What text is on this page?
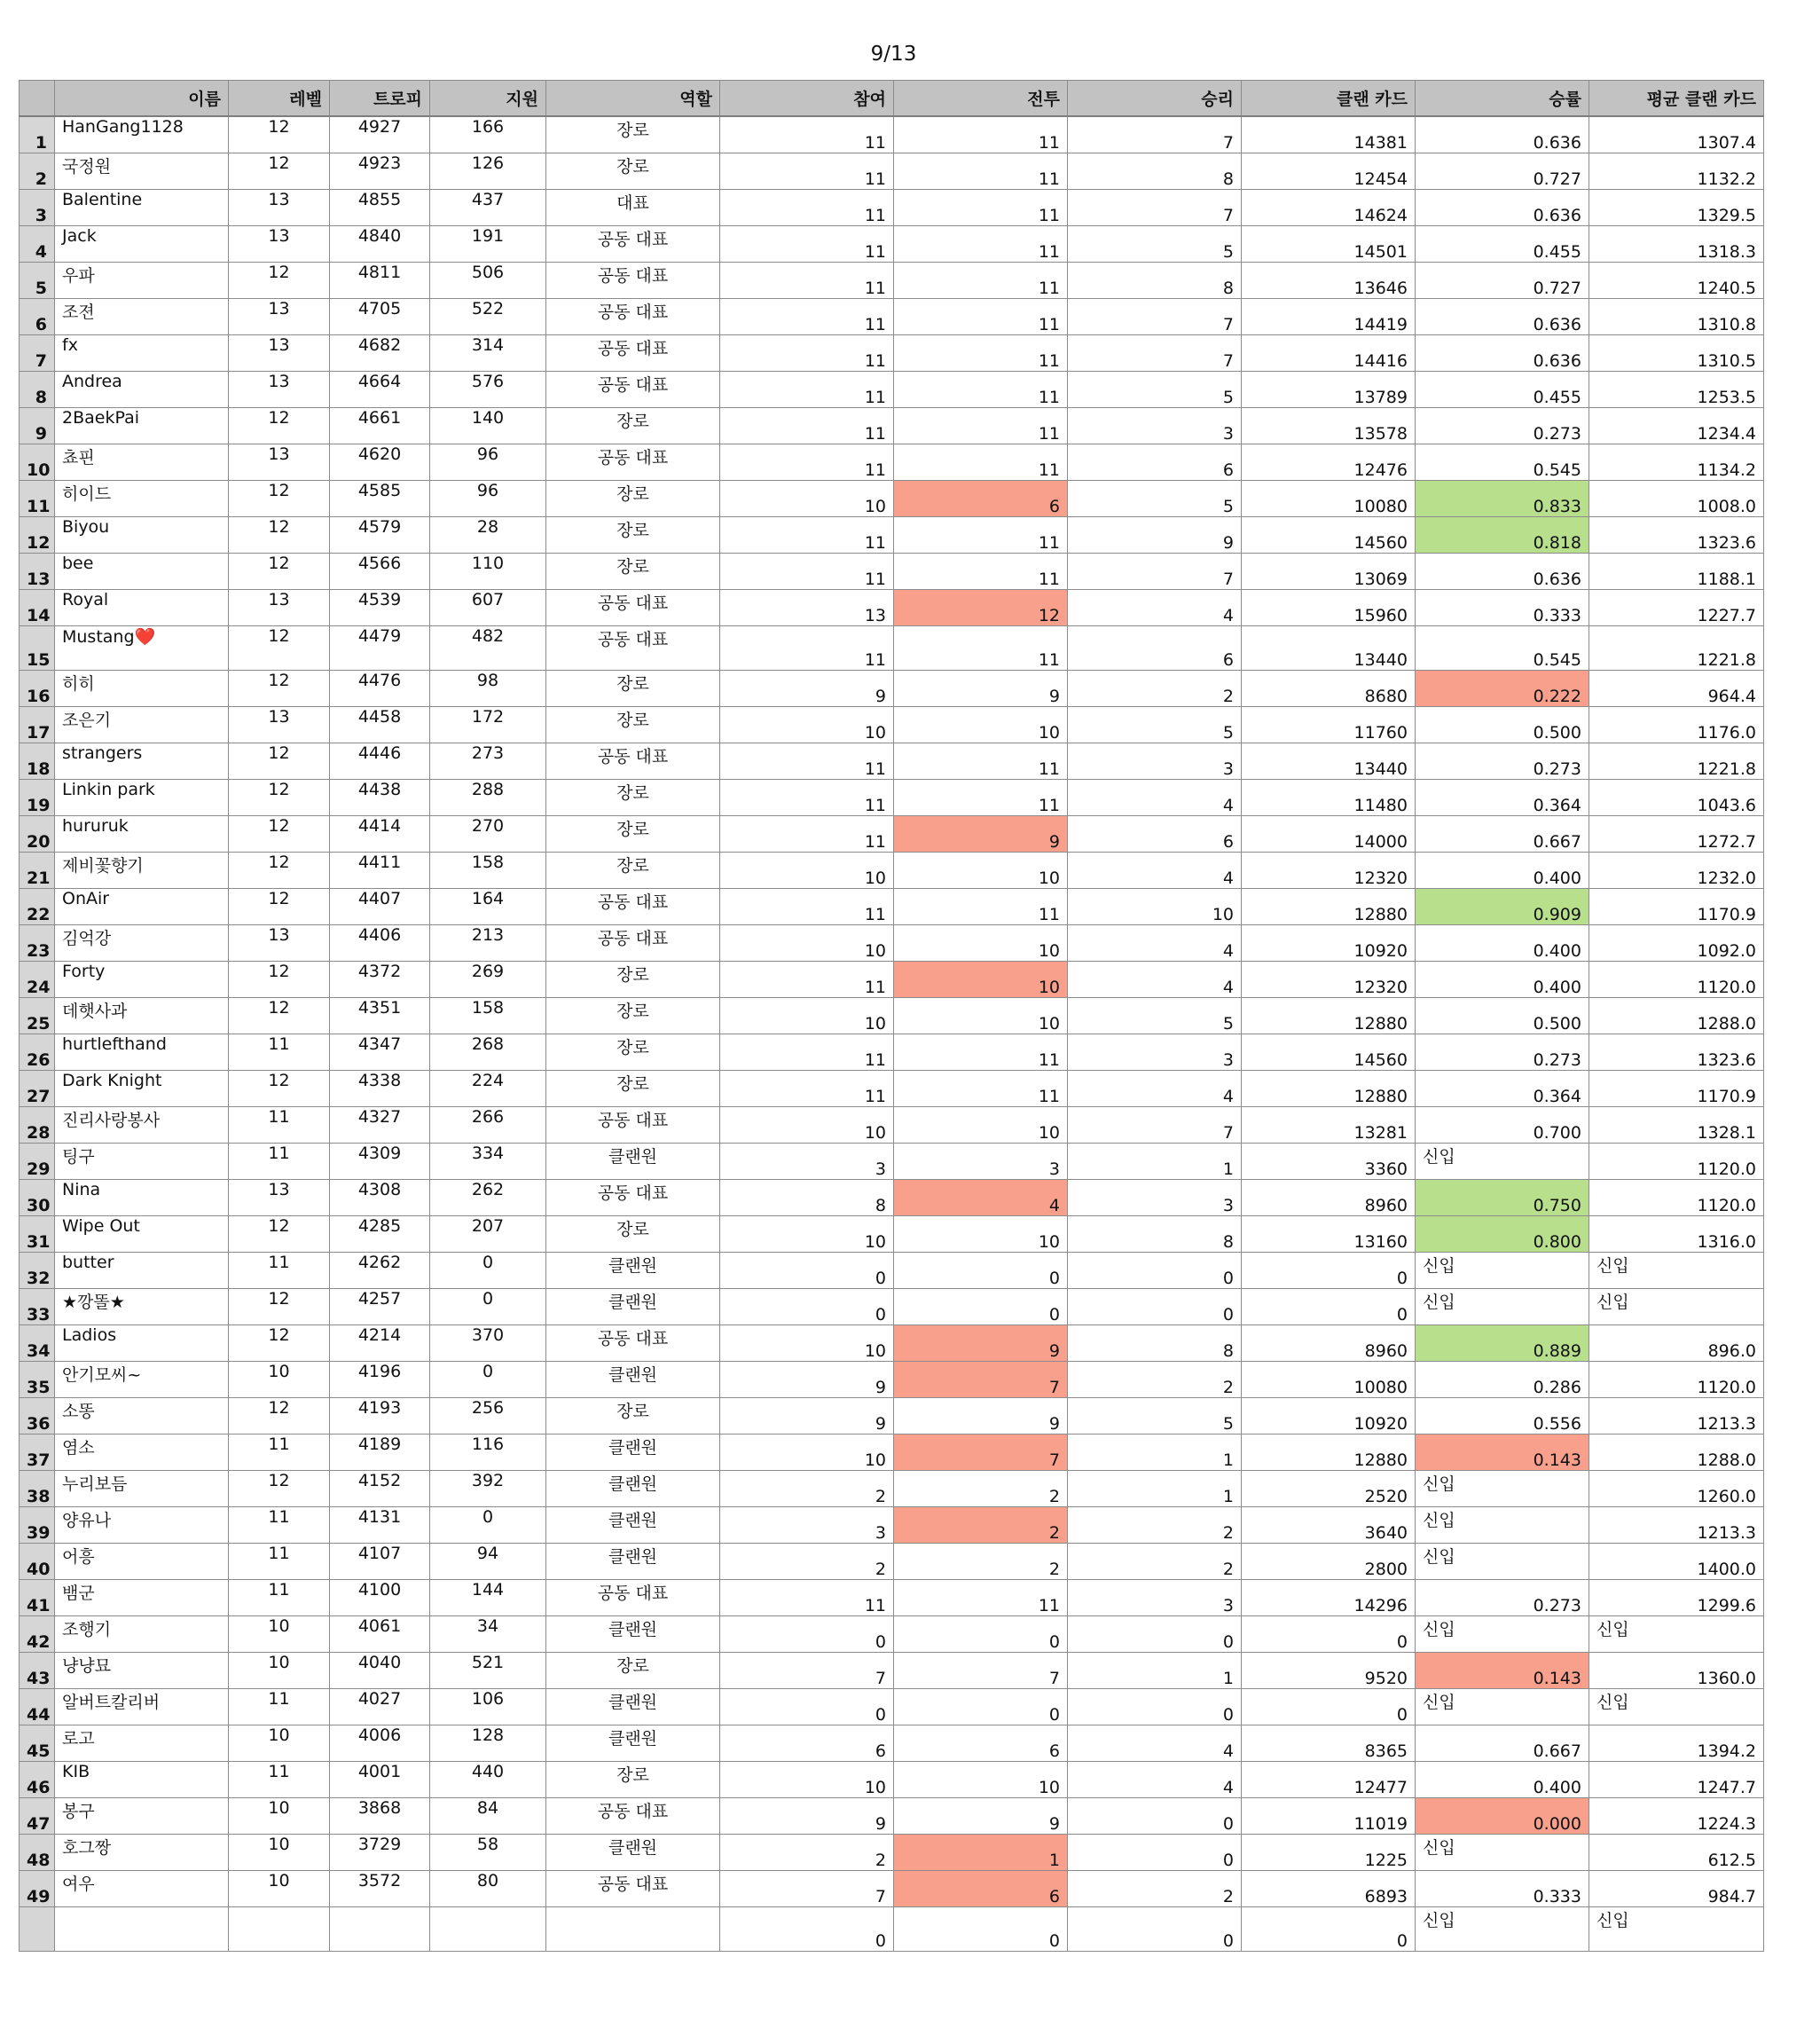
9/13
	이름	레벨	트로피	지원	역할	참여	전투	승리	클랜 카드	승률	평균 클랜 카드
1	HanGang1128	12	4927	166	장로	11	11	7	14381	0.636	1307.4
2	국정원	12	4923	126	장로	11	11	8	12454	0.727	1132.2
3	Balentine	13	4855	437	대표	11	11	7	14624	0.636	1329.5
4	Jack	13	4840	191	공동 대표	11	11	5	14501	0.455	1318.3
5	우파	12	4811	506	공동 대표	11	11	8	13646	0.727	1240.5
6	조젼	13	4705	522	공동 대표	11	11	7	14419	0.636	1310.8
7	fx	13	4682	314	공동 대표	11	11	7	14416	0.636	1310.5
8	Andrea	13	4664	576	공동 대표	11	11	5	13789	0.455	1253.5
9	2BaekPai	12	4661	140	장로	11	11	3	13578	0.273	1234.4
10	쵸핀	13	4620	96	공동 대표	11	11	6	12476	0.545	1134.2
11	히이드	12	4585	96	장로	10	6	5	10080	0.833	1008.0
12	Biyou	12	4579	28	장로	11	11	9	14560	0.818	1323.6
13	bee	12	4566	110	장로	11	11	7	13069	0.636	1188.1
14	Royal	13	4539	607	공동 대표	13	12	4	15960	0.333	1227.7
15	Mustang❤️	12	4479	482	공동 대표	11	11	6	13440	0.545	1221.8
16	히히	12	4476	98	장로	9	9	2	8680	0.222	964.4
17	조은기	13	4458	172	장로	10	10	5	11760	0.500	1176.0
18	strangers	12	4446	273	공동 대표	11	11	3	13440	0.273	1221.8
19	Linkin park	12	4438	288	장로	11	11	4	11480	0.364	1043.6
20	hururuk	12	4414	270	장로	11	9	6	14000	0.667	1272.7
21	제비꽃향기	12	4411	158	장로	10	10	4	12320	0.400	1232.0
22	OnAir	12	4407	164	공동 대표	11	11	10	12880	0.909	1170.9
23	김억강	13	4406	213	공동 대표	10	10	4	10920	0.400	1092.0
24	Forty	12	4372	269	장로	11	10	4	12320	0.400	1120.0
25	데햇사과	12	4351	158	장로	10	10	5	12880	0.500	1288.0
26	hurtlefthand	11	4347	268	장로	11	11	3	14560	0.273	1323.6
27	Dark Knight	12	4338	224	장로	11	11	4	12880	0.364	1170.9
28	진리사랑봉사	11	4327	266	공동 대표	10	10	7	13281	0.700	1328.1
29	팅구	11	4309	334	클랜원	3	3	1	3360	신입	1120.0
30	Nina	13	4308	262	공동 대표	8	4	3	8960	0.750	1120.0
31	Wipe Out	12	4285	207	장로	10	10	8	13160	0.800	1316.0
32	butter	11	4262	0	클랜원	0	0	0	0	신입	신입
33	★깡똘★	12	4257	0	클랜원	0	0	0	0	신입	신입
34	Ladios	12	4214	370	공동 대표	10	9	8	8960	0.889	896.0
35	안기모씨~	10	4196	0	클랜원	9	7	2	10080	0.286	1120.0
36	소똥	12	4193	256	장로	9	9	5	10920	0.556	1213.3
37	염소	11	4189	116	클랜원	10	7	1	12880	0.143	1288.0
38	누리보듬	12	4152	392	클랜원	2	2	1	2520	신입	1260.0
39	양유나	11	4131	0	클랜원	3	2	2	3640	신입	1213.3
40	어흥	11	4107	94	클랜원	2	2	2	2800	신입	1400.0
41	뱀군	11	4100	144	공동 대표	11	11	3	14296	0.273	1299.6
42	조행기	10	4061	34	클랜원	0	0	0	0	신입	신입
43	냥냥묘	10	4040	521	장로	7	7	1	9520	0.143	1360.0
44	알버트칼리버	11	4027	106	클랜원	0	0	0	0	신입	신입
45	로고	10	4006	128	클랜원	6	6	4	8365	0.667	1394.2
46	KIB	11	4001	440	장로	10	10	4	12477	0.400	1247.7
47	봉구	10	3868	84	공동 대표	9	9	0	11019	0.000	1224.3
48	호그짱	10	3729	58	클랜원	2	1	0	1225	신입	612.5
49	여우	10	3572	80	공동 대표	7	6	2	6893	0.333	984.7
						0	0	0	0	신입	신입
